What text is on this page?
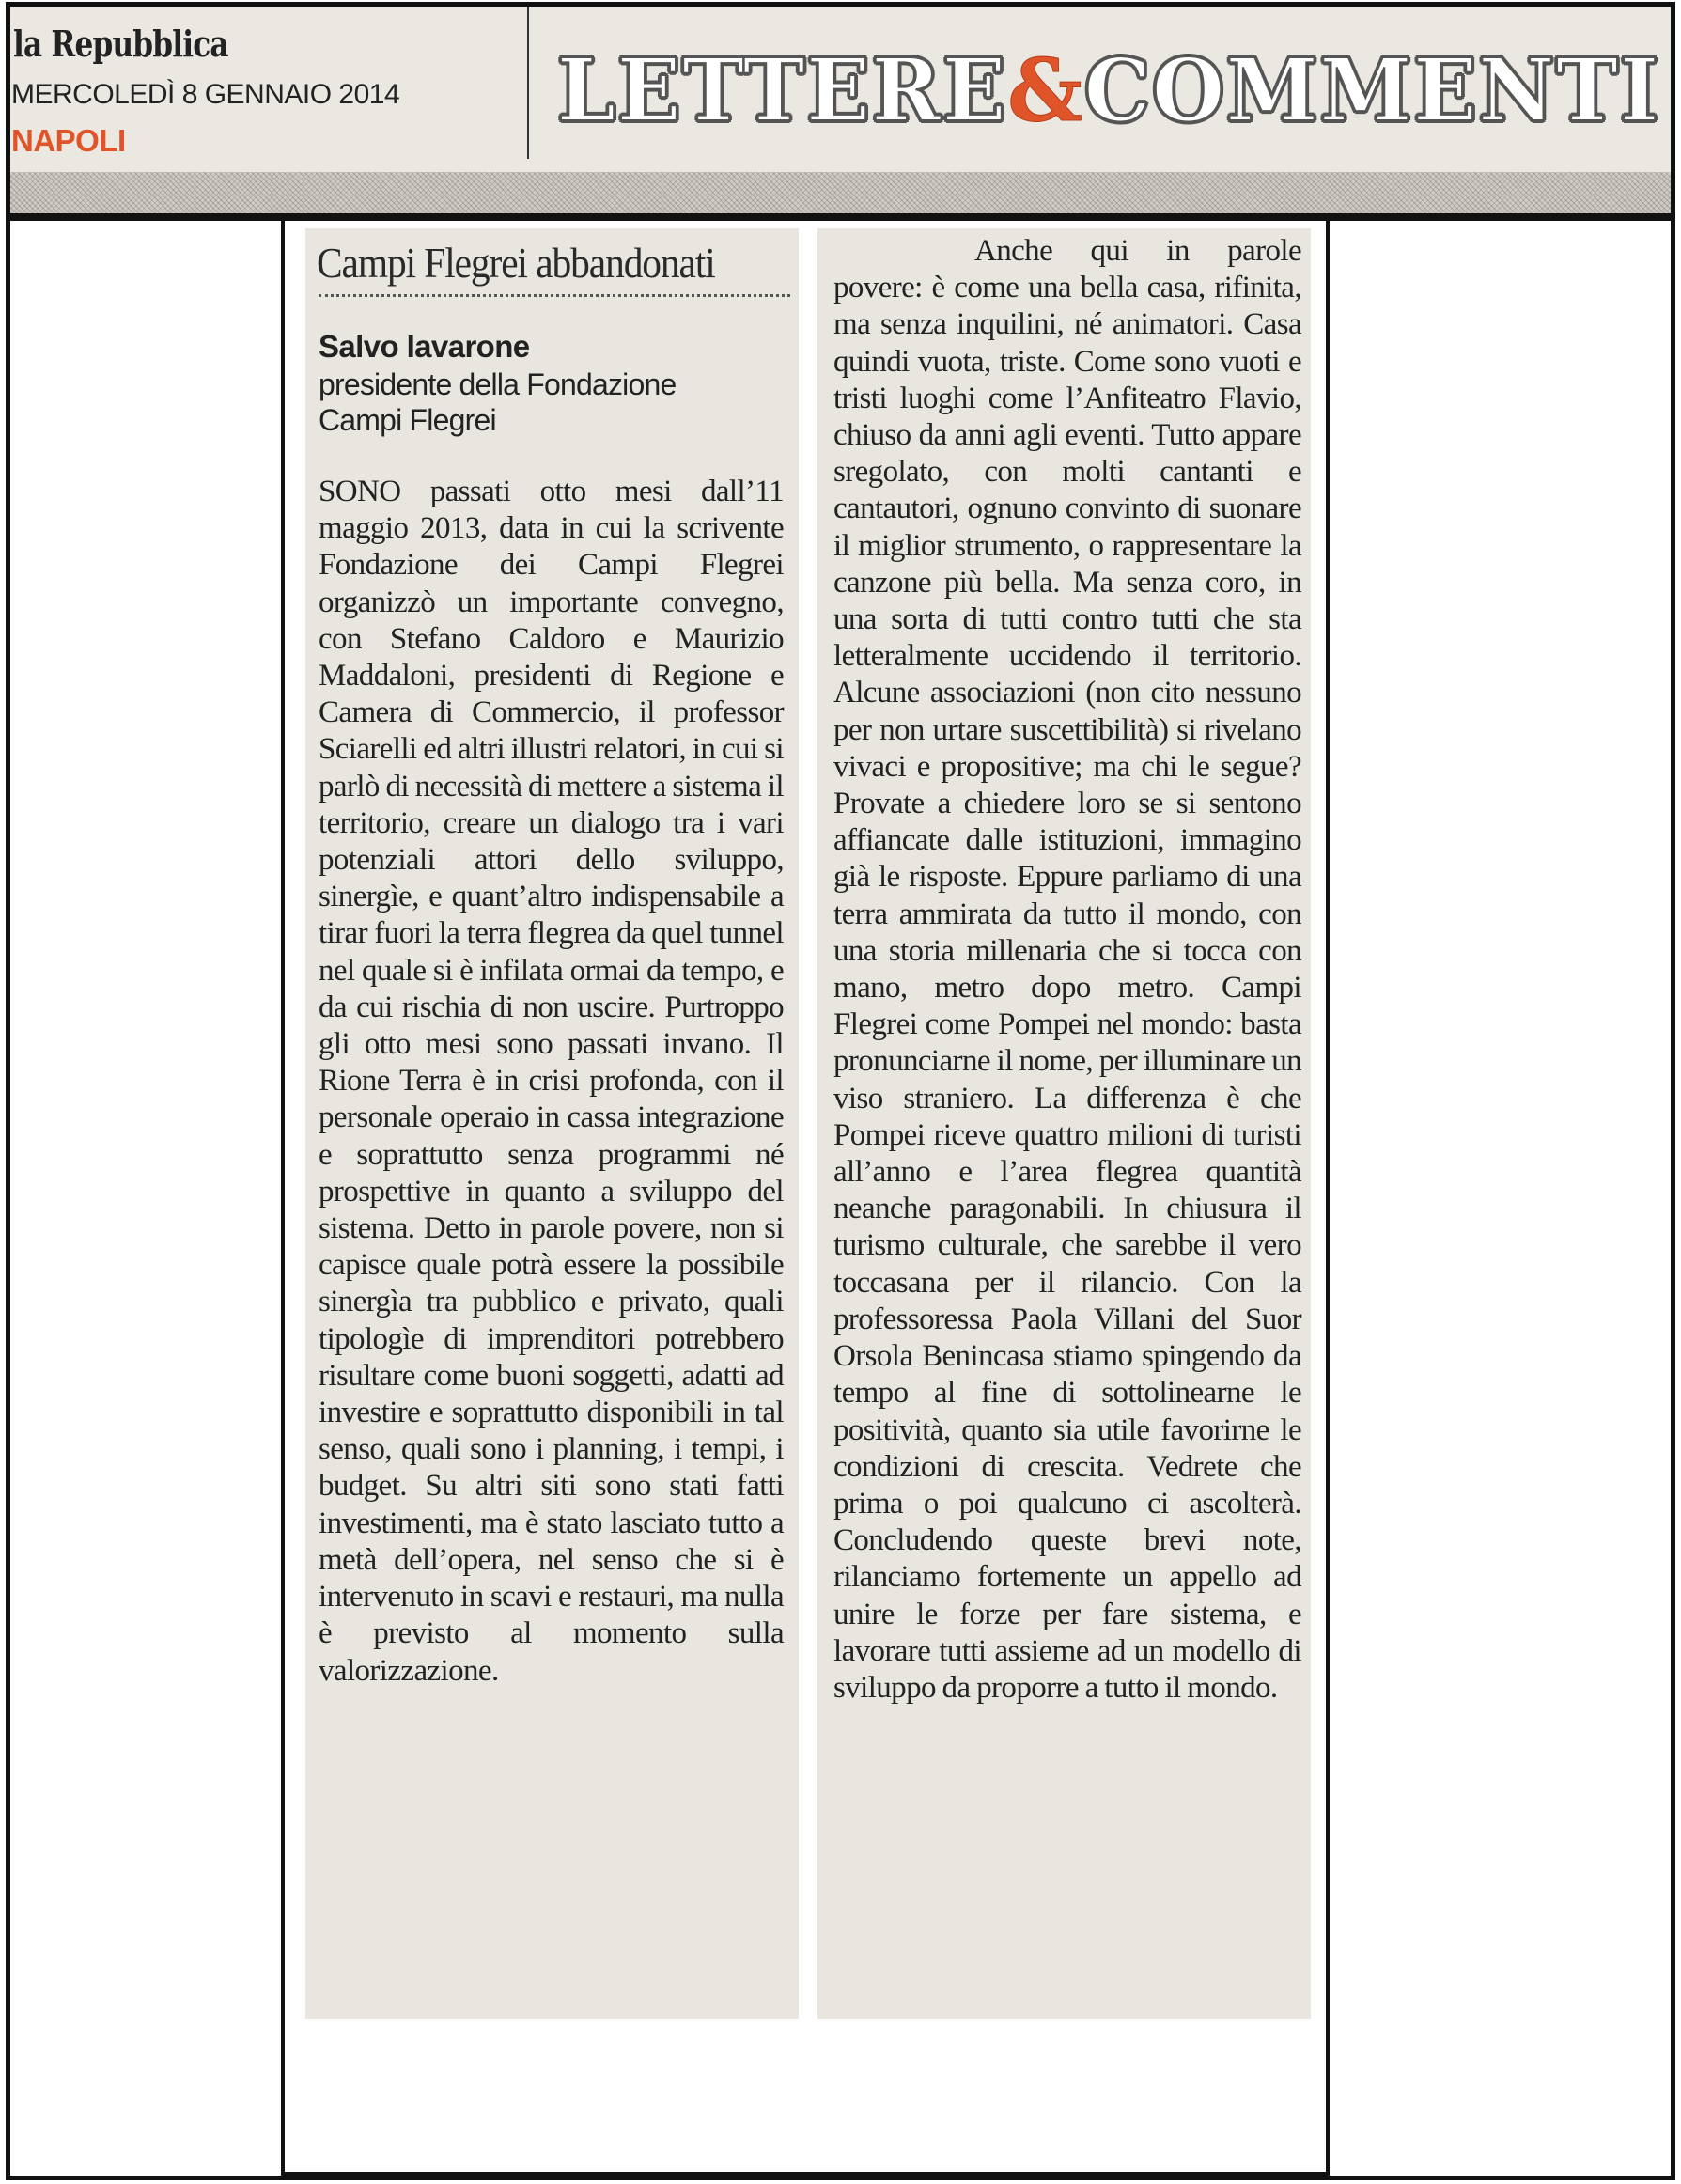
la Repubblica
MERCOLEDÌ 8 GENNAIO 2014
NAPOLI	LETTERE&COMMENTI
Campi Flegrei abbandonati
Salvo Iavarone
presidente della Fondazione Campi Flegrei
SONO passati otto mesi dall’11 maggio 2013, data in cui la scrivente Fondazione dei Campi Flegrei organizzò un importante convegno, con Stefano Caldoro e Maurizio Maddaloni, presidenti di Regione e Camera di Commercio, il professor Sciarelli ed altri illustri relatori, in cui si parlò di necessità di mettere a sistema il territorio, creare un dialogo tra i vari potenziali attori dello sviluppo, sinergìe, e quant’altro indispensabile a tirar fuori la terra flegrea da quel tunnel nel quale si è infilata ormai da tempo, e da cui rischia di non uscire. Purtroppo gli otto mesi sono passati invano. Il Rione Terra è in crisi profonda, con il personale operaio in cassa integrazione e soprattutto senza programmi né prospettive in quanto a sviluppo del sistema. Detto in parole povere, non si capisce quale potrà essere la possibile sinergìa tra pubblico e privato, quali tipologìe di imprenditori potrebbero risultare come buoni soggetti, adatti ad investire e soprattutto disponibili in tal senso, quali sono i planning, i tempi, i budget. Su altri siti sono stati fatti investimenti, ma è stato lasciato tutto a metà dell’opera, nel senso che si è intervenuto in scavi e restauri, ma nulla è previsto al momento sulla valorizzazione.
Anche qui in parole povere: è come una bella casa, rifinita, ma senza inquilini, né animatori. Casa quindi vuota, triste. Come sono vuoti e tristi luoghi come l’Anfiteatro Flavio, chiuso da anni agli eventi. Tutto appare sregolato, con molti cantanti e cantautori, ognuno convinto di suonare il miglior strumento, o rappresentare la canzone più bella. Ma senza coro, in una sorta di tutti contro tutti che sta letteralmente uccidendo il territorio. Alcune associazioni (non cito nessuno per non urtare suscettibilità) si rivelano vivaci e propositive; ma chi le segue? Provate a chiedere loro se si sentono affiancate dalle istituzioni, immagino già le risposte. Eppure parliamo di una terra ammirata da tutto il mondo, con una storia millenaria che si tocca con mano, metro dopo metro. Campi Flegrei come Pompei nel mondo: basta pronunciarne il nome, per illuminare un viso straniero. La differenza è che Pompei riceve quattro milioni di turisti all’anno e l’area flegrea quantità neanche paragonabili. In chiusura il turismo culturale, che sarebbe il vero toccasana per il rilancio. Con la professoressa Paola Villani del Suor Orsola Benincasa stiamo spingendo da tempo al fine di sottolinearne le positività, quanto sia utile favorirne le condizioni di crescita. Vedrete che prima o poi qualcuno ci ascolterà. Concludendo queste brevi note, rilanciamo fortemente un appello ad unire le forze per fare sistema, e lavorare tutti assieme ad un modello di sviluppo da proporre a tutto il mondo.
